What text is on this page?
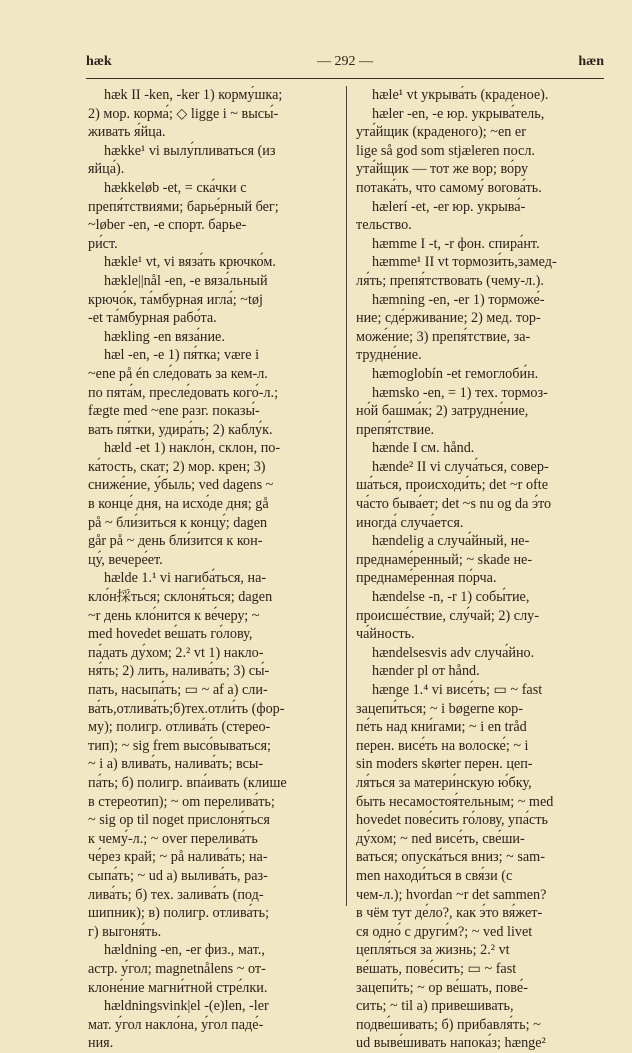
hæk	— 292 —	hæn
hæk II -ken, -ker 1) корму́шка;
2) мор. корма́; ◇ ligge i ~ высы́-
живать я́йца.
hække¹ vi вылу́пливаться (из
яйца́).
hækkeløb -et, = ска́чки с
препя́тствиями; барье́рный бег;
~løber -en, -e спорт. барье-
ри́ст.
hækle¹ vt, vi вяза́ть крючко́м.
hækle||nål -en, -e вяза́льный
крючо́к, та́мбурная игла́; ~tøj
-et та́мбурная рабо́та.
hækling -en вяза́ние.
hæl -en, -e 1) пя́тка; være i
~ene på én сле́довать за кем-л.
по пята́м, пресле́довать кого́-л.;
fægte med ~ene разг. показы́-
вать пя́тки, удира́ть; 2) каблу́к.
hæld -et 1) накло́н, склон, по-
ка́тость, скат; 2) мор. крен; 3)
сниже́ние, у́быль; ved dagens ~
в конце́ дня, на исхо́де дня; gå
på ~ бли́зиться к концу́; dagen
går på ~ день бли́зится к кон-
цу́, вечере́ет.
hælde 1.¹ vi нагиба́ться, на-
кло́н採ться; склоня́ться; dagen
~r день кло́нится к ве́черу; ~
med hovedet ве́шать го́лову,
па́дать ду́хом; 2.² vt 1) накло-
ня́ть; 2) лить, налива́ть; 3) сы́-
пать, насыпа́ть; ▭ ~ af а) сли-
ва́ть,отлива́ть;б)тех.отли́ть (фор-
му); полигр. отлива́ть (стерео-
тип); ~ sig frem высо́вываться;
~ i а) влива́ть, налива́ть; всы-
па́ть; б) полигр. впа́ивать (клише
в стереотип); ~ om перелива́ть;
~ sig op til noget прислоня́ться
к чему́-л.; ~ over перелива́ть
че́рез край; ~ på налива́ть; на-
сыпа́ть; ~ ud а) вылива́ть, раз-
лива́ть; б) тех. залива́ть (под-
шипник); в) полигр. отлива́ть;
г) выгоня́ть.
hældning -en, -er физ., мат.,
астр. у́гол; magnetnålens ~ от-
клоне́ние магни́тной стре́лки.
hældningsvink|el -(e)len, -ler
мат. у́гол накло́на, у́гол паде́-
ния.
hæle¹ vt укрыва́ть (краденое).
hæler -en, -e юр. укрыва́тель,
ута́йщик (краденого); ~en er
lige så god som stjæleren посл.
ута́йщик — тот же вор; во́ру
потака́ть, что самому́ вorова́ть.
hælerí -et, -er юр. укрыва́-
тельство.
hæmme I -t, -r фон. спира́нт.
hæmme¹ II vt тормози́ть,замед-
ля́ть; препя́тствовать (чему-л.).
hæmning -en, -er 1) торможе́-
ние; сде́рживание; 2) мед. тор-
може́ние; 3) препя́тствие, за-
трудне́ние.
hæmoglobín -et гемоглоби́н.
hæmsko -en, = 1) тех. тормоз-
но́й башма́к; 2) затрудне́ние,
препя́тствие.
hænde I см. hånd.
hænde² II vi случа́ться, совер-
ша́ться, происходи́ть; det ~r ofte
ча́сто быва́ет; det ~s nu og da э́то
иногда́ случа́ется.
hændelig а случа́йный, не-
преднаме́ренный; ~ skade не-
преднаме́ренная по́рча.
hændelse -n, -r 1) собы́тие,
происше́ствие, слу́чай; 2) слу-
ча́йность.
hændelsesvis adv случа́йно.
hænder pl от hånd.
hænge 1.⁴ vi висе́ть; ▭ ~ fast
зацепи́ться; ~ i bøgerne кор-
пе́ть над кни́гами; ~ i en tråd
перен. висе́ть на волоске́; ~ i
sin moders skørter перен. цеп-
ля́ться за матери́нскую ю́бку,
быть несамостоя́тельным; ~ med
hovedet пове́сить го́лову, упа́сть
ду́хом; ~ ned висе́ть, све́ши-
ваться; опуска́ться вниз; ~ sam-
men находи́ться в свя́зи (с
чем-л.); hvordan ~r det sammen?
в чём тут де́ло?, как э́то вя́жет-
ся одно́ с други́м?; ~ ved livet
цепля́ться за жизнь; 2.² vt
ве́шать, пове́сить; ▭ ~ fast
зацепи́ть; ~ op ве́шать, пове́-
сить; ~ til а) привешивать,
подве́шивать; б) прибавля́ть; ~
ud выве́шивать напока́з; hænge²
